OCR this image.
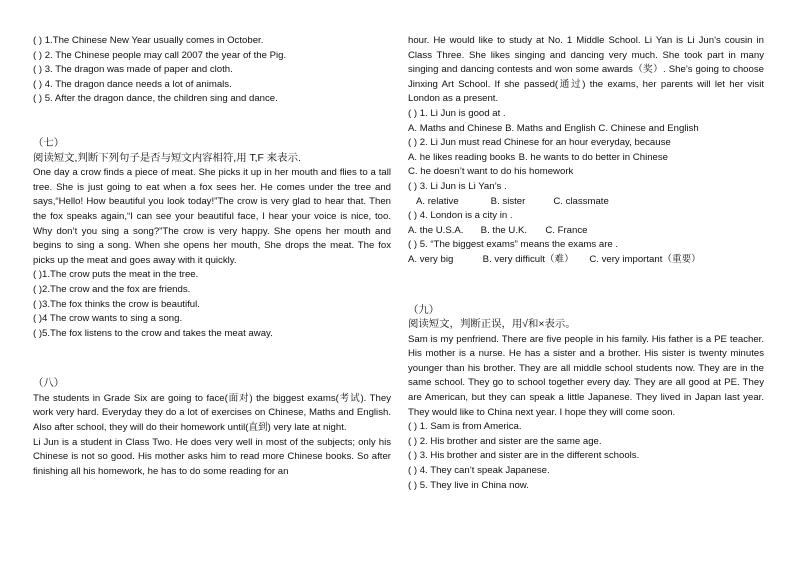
( ) 1.The Chinese New Year usually comes in October.
( ) 2. The Chinese people may call 2007 the year of the Pig.
( ) 3. The dragon was made of paper and cloth.
( ) 4. The dragon dance needs a lot of animals.
( ) 5. After the dragon dance, the children sing and dance.
（七）
阅读短文,判断下列句子是否与短文内容相符,用 T,F 来表示.
One day a crow finds a piece of meat. She picks it up in her mouth and flies to a tall tree. She is just going to eat when a fox sees her. He comes under the tree and says,“Hello! How beautiful you look today!”The crow is very glad to hear that. Then the fox speaks again,“I can see your beautiful face, I hear your voice is nice, too. Why don’t you sing a song?”The crow is very happy. She opens her mouth and begins to sing a song. When she opens her mouth, She drops the meat. The fox picks up the meat and goes away with it quickly.
( )1.The crow puts the meat in the tree.
( )2.The crow and the fox are friends.
( )3.The fox thinks the crow is beautiful.
( )4 The crow wants to sing a song.
( )5.The fox listens to the crow and takes the meat away.
（八）
The students in Grade Six are going to face(面对) the biggest exams(考试). They work very hard. Everyday they do a lot of exercises on Chinese, Maths and English. Also after school, they will do their homework until(直到) very late at night.
Li Jun is a student in Class Two. He does very well in most of the subjects; only his Chinese is not so good. His mother asks him to read more Chinese books. So after finishing all his homework, he has to do some reading for an
hour. He would like to study at No. 1 Middle School. Li Yan is Li Jun’s cousin in Class Three. She likes singing and dancing very much. She took part in many singing and dancing contests and won some awards（奖）. She’s going to choose Jinxing Art School. If she passed(通过) the exams, her parents will let her visit London as a present.
( ) 1. Li Jun is good at .
A. Maths and Chinese B. Maths and English C. Chinese and English
( ) 2. Li Jun must read Chinese for an hour everyday, because
A. he likes reading books B. he wants to do better in Chinese
C. he doesn’t want to do his homework
( ) 3. Li Jun is Li Yan’s .
A. relative	B. sister	C. classmate
( ) 4. London is a city in .
A. the U.S.A. B. the U.K. C. France
( ) 5. “The biggest exams” means the exams are .
A. very big	B. very difficult（难） C. very important（重要）
（九）
阅读短文，判断正误，用√和×表示。
Sam is my penfriend. There are five people in his family. His father is a PE teacher. His mother is a nurse. He has a sister and a brother. His sister is twenty minutes younger than his brother. They are all middle school students now. They are in the same school. They go to school together every day. They are all good at PE. They are American, but they can speak a little Japanese. They lived in Japan last year. They would like to China next year. I hope they will come soon.
( ) 1. Sam is from America.
( ) 2. His brother and sister are the same age.
( ) 3. His brother and sister are in the different schools.
( ) 4. They can’t speak Japanese.
( ) 5. They live in China now.
